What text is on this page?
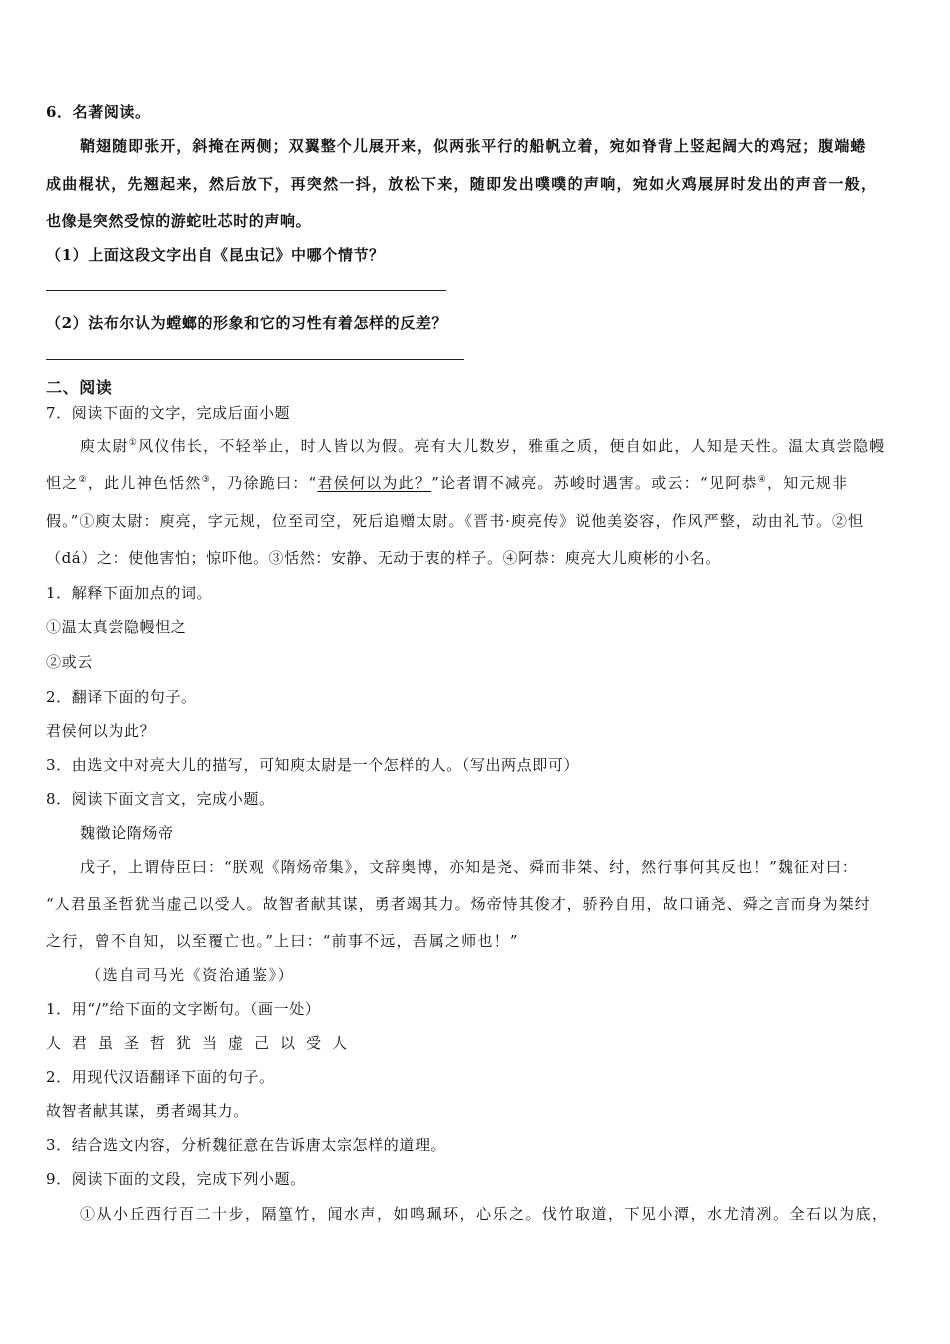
6．名著阅读。
鞘翅随即张开，斜掩在两侧；双翼整个儿展开来，似两张平行的船帆立着，宛如脊背上竖起阔大的鸡冠；腹端蜷
成曲棍状，先翘起来，然后放下，再突然一抖，放松下来，随即发出噗噗的声响，宛如火鸡展屏时发出的声音一般，
也像是突然受惊的游蛇吐芯时的声响。
（1）上面这段文字出自《昆虫记》中哪个情节？
（2）法布尔认为螳螂的形象和它的习性有着怎样的反差？
二、阅读
7．阅读下面的文字，完成后面小题
庾太尉①风仪伟长，不轻举止，时人皆以为假。亮有大儿数岁，雅重之质，便自如此，人知是天性。温太真尝隐幔
怛之②，此儿神色恬然③，乃徐跪曰：“君侯何以为此？”论者谓不减亮。苏峻时遇害。或云：“见阿恭④，知元规非
假。”①庾太尉：庾亮，字元规，位至司空，死后追赠太尉。《晋书·庾亮传》说他美姿容，作风严整，动由礼节。②怛
（dá）之：使他害怕；惊吓他。③恬然：安静、无动于衷的样子。④阿恭：庾亮大儿庾彬的小名。
1．解释下面加点的词。
①温太真尝隐幔怛之
②或云
2．翻译下面的句子。
君侯何以为此？
3．由选文中对亮大儿的描写，可知庾太尉是一个怎样的人。（写出两点即可）
8．阅读下面文言文，完成小题。
魏徵论隋炀帝
戊子，上谓侍臣曰：“朕观《隋炀帝集》，文辞奥博，亦知是尧、舜而非桀、纣，然行事何其反也！”魏征对曰：
“人君虽圣哲犹当虚己以受人。故智者献其谋，勇者竭其力。炀帝恃其俊才，骄矜自用，故口诵尧、舜之言而身为桀纣
之行，曾不自知，以至覆亡也。”上曰：“前事不远，吾属之师也！”
（选自司马光《资治通鉴》）
1．用“/”给下面的文字断句。（画一处）
人君虽圣哲犹当虚己以受人
2．用现代汉语翻译下面的句子。
故智者献其谋，勇者竭其力。
3．结合选文内容，分析魏征意在告诉唐太宗怎样的道理。
9．阅读下面的文段，完成下列小题。
①从小丘西行百二十步，隔篁竹，闻水声，如鸣珮环，心乐之。伐竹取道，下见小潭，水尤清冽。全石以为底，
